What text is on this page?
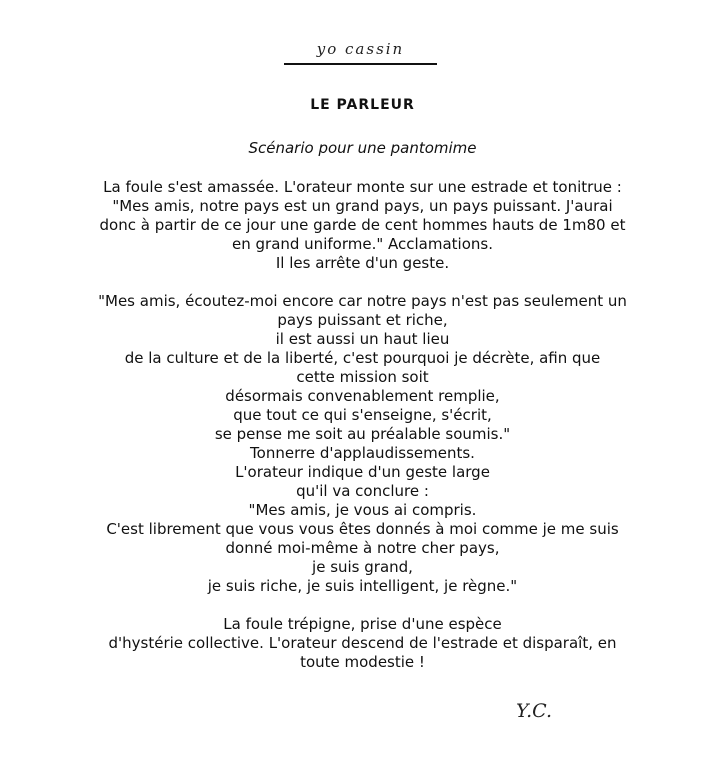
yo cassin
LE PARLEUR
Scénario pour une pantomime
La foule s'est amassée. L'orateur monte sur une estrade et tonitrue :
"Mes amis, notre pays est un grand pays, un pays puissant. J'aurai
donc à partir de ce jour une garde de cent hommes hauts de 1m80 et
en grand uniforme." Acclamations.
Il les arrête d'un geste.
"Mes amis, écoutez-moi encore car notre pays n'est pas seulement un
pays puissant et riche,
il est aussi un haut lieu
de la culture et de la liberté, c'est pourquoi je décrète, afin que
cette mission soit
désormais convenablement remplie,
que tout ce qui s'enseigne, s'écrit,
se pense me soit au préalable soumis."
Tonnerre d'applaudissements.
L'orateur indique d'un geste large
qu'il va conclure :
"Mes amis, je vous ai compris.
C'est librement que vous vous êtes donnés à moi comme je me suis
donné moi-même à notre cher pays,
je suis grand,
je suis riche, je suis intelligent, je règne."
La foule trépigne, prise d'une espèce
d'hystérie collective. L'orateur descend de l'estrade et disparaît, en
toute modestie !
Y.C.
